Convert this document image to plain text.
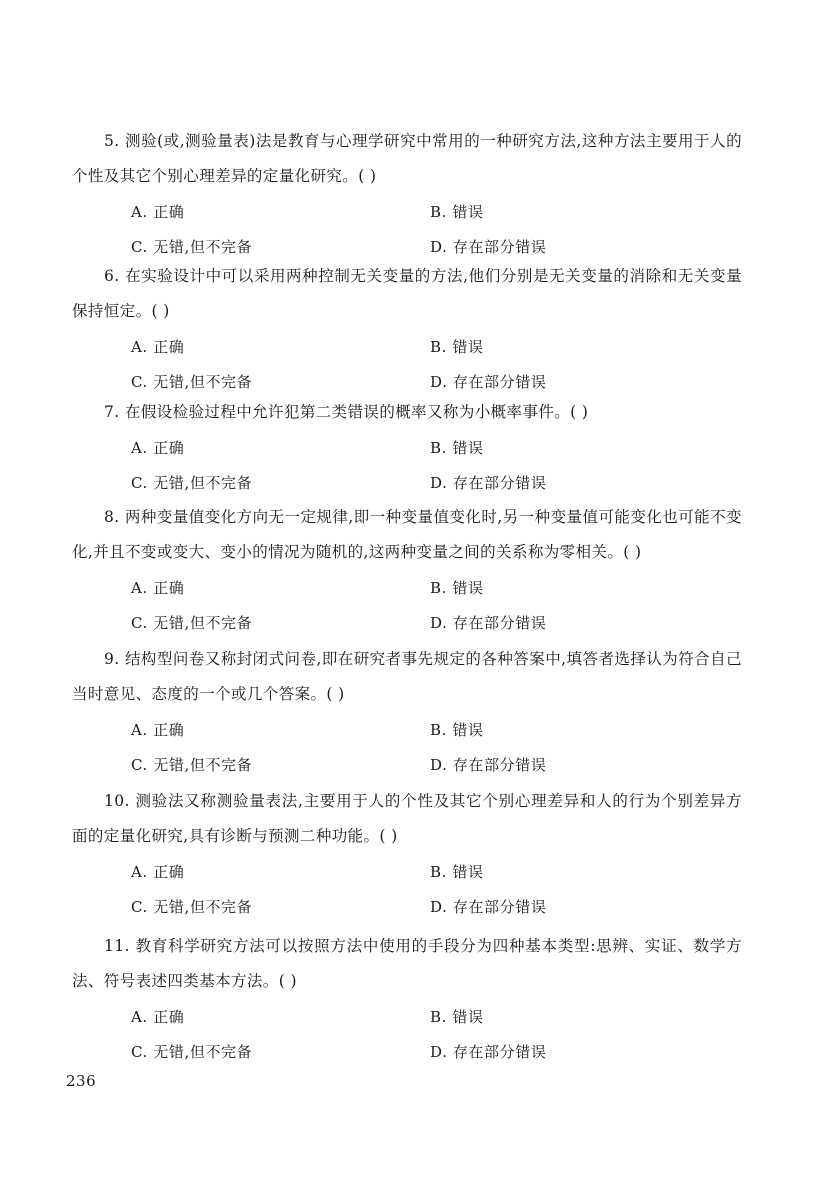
5. 测验(或,测验量表)法是教育与心理学研究中常用的一种研究方法,这种方法主要用于人的个性及其它个别心理差异的定量化研究。( )
A. 正确	B. 错误
C. 无错,但不完备	D. 存在部分错误
6. 在实验设计中可以采用两种控制无关变量的方法,他们分别是无关变量的消除和无关变量保持恒定。( )
A. 正确	B. 错误
C. 无错,但不完备	D. 存在部分错误
7. 在假设检验过程中允许犯第二类错误的概率又称为小概率事件。( )
A. 正确	B. 错误
C. 无错,但不完备	D. 存在部分错误
8. 两种变量值变化方向无一定规律,即一种变量值变化时,另一种变量值可能变化也可能不变化,并且不变或变大、变小的情况为随机的,这两种变量之间的关系称为零相关。( )
A. 正确	B. 错误
C. 无错,但不完备	D. 存在部分错误
9. 结构型问卷又称封闭式问卷,即在研究者事先规定的各种答案中,填答者选择认为符合自己当时意见、态度的一个或几个答案。( )
A. 正确	B. 错误
C. 无错,但不完备	D. 存在部分错误
10. 测验法又称测验量表法,主要用于人的个性及其它个别心理差异和人的行为个别差异方面的定量化研究,具有诊断与预测二种功能。( )
A. 正确	B. 错误
C. 无错,但不完备	D. 存在部分错误
11. 教育科学研究方法可以按照方法中使用的手段分为四种基本类型:思辨、实证、数学方法、符号表述四类基本方法。( )
A. 正确	B. 错误
C. 无错,但不完备	D. 存在部分错误
236
